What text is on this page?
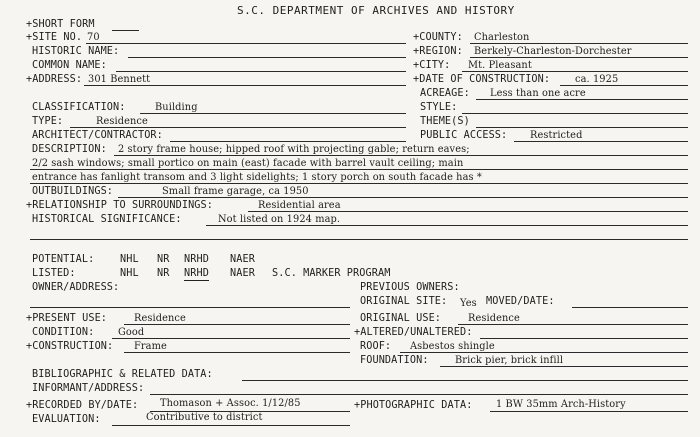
S.C. DEPARTMENT OF ARCHIVES AND HISTORY
+SHORT FORM
+SITE NO. 70	+COUNTY: Charleston
HISTORIC NAME:	+REGION: Berkely-Charleston-Dorchester
COMMON NAME:	+CITY: Mt. Pleasant
+ADDRESS: 301 Bennett	+DATE OF CONSTRUCTION:	ca. 1925
ACREAGE: Less than one acre
CLASSIFICATION:	Building	STYLE:
TYPE:	Residence	THEME(S)
ARCHITECT/CONTRACTOR:	PUBLIC ACCESS: Restricted
DESCRIPTION: 2 story frame house; hipped roof with projecting gable; return eaves;
2/2 sash windows; small portico on main (east) facade with barrel vault ceiling; main
entrance has fanlight transom and 3 light sidelights; 1 story porch on south facade has *
OUTBUILDINGS:	Small frame garage, ca 1950
+RELATIONSHIP TO SURROUNDINGS:	Residential area
HISTORICAL SIGNIFICANCE:	Not listed on 1924 map.
POTENTIAL:	NHL NR NRHD NAER
LISTED:	NHL NR NRHD NAER S.C. MARKER PROGRAM
OWNER/ADDRESS:	PREVIOUS OWNERS:
ORIGINAL SITE: Yes MOVED/DATE:
+PRESENT USE:	Residence	ORIGINAL USE:	Residence
CONDITION: Good	+ALTERED/UNALTERED:
+CONSTRUCTION: Frame	ROOF: Asbestos shingle
FOUNDATION:	Brick pier, brick infill
BIBLIOGRAPHIC & RELATED DATA:
INFORMANT/ADDRESS:
+RECORDED BY/DATE: Thomason + Assoc. 1/12/85	+PHOTOGRAPHIC DATA: 1 BW 35mm Arch-History
EVALUATION:	Contributive to district
